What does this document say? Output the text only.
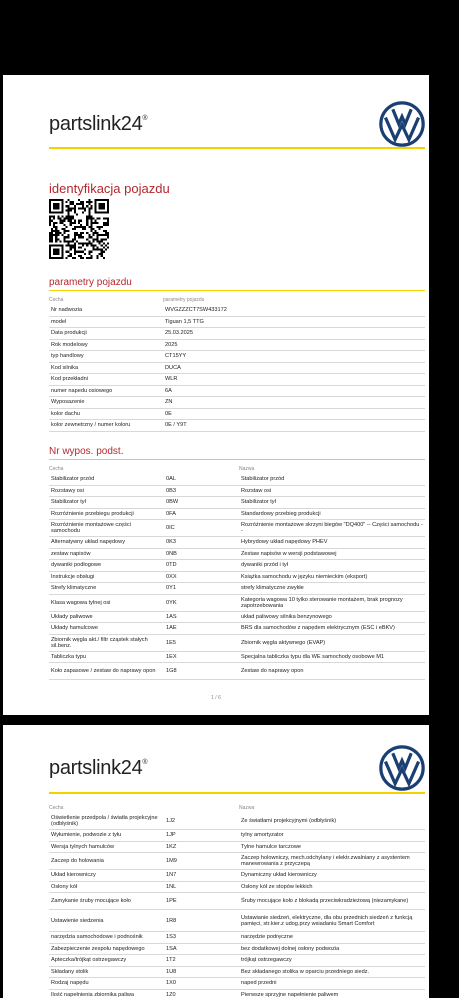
partslink24®
identyfikacja pojazdu
parametry pojazdu
Cecha	parametry pojazdu
Nr nadwozia	WVGZZZCT7SW433172
model	Tiguan 1,5 TTG
Data produkcji	25.03.2025
Rok modelowy	2025
typ handlowy	CT15YY
Kod silnika	DUCA
Kod przekładni	WLR
numer napedu osiowego	6A
Wyposazenie	ZN
kolor dachu	0E
kolor zewnetrzny / numer koloru	0E / Y9T
Nr wypos. podst.
Cecha	Nazwa
Stabilizator przód	0AL	Stabilizator przód
Rozstawy osi	0B3	Rozstaw osi
Stabilizator tył	0BW	Stabilizator tył
Rozróżnienie przebiegu produkcji	0FA	Standardowy przebieg produkcji
Rozróżnienie montażowe części samochodu	0IC	Rozróżnienie montażowe skrzyni biegów "DQ400" -- Części samochodu --
Alternatywny układ napędowy	0K3	Hybrydowy układ napędowy PHEV
zestaw napisów	0NB	Zestaw napisów w wersji podstawowej
dywaniki podłogowe	0TD	dywaniki przód i tył
Instrukcje obsługi	0XX	Książka samochodu w języku niemieckim (eksport)
Strefy klimatyczne	0Y1	strefy klimatyczne zwykłe
Klasa wagowa tylnej osi	0YK	Kategoria wagowa 10 tylko sterowanie montażem, brak prognozy zapotrzebowania
Układy paliwowe	1AS	układ paliwowy silnika benzynowego
Układy hamulcowe	1AE	BRS dla samochodów z napędem elektrycznym (ESC i eBKV)
Zbiornik węgla akt./ filtr cząstek stałych sil.benz.	1E5	Zbiornik węgla aktywnego (EVAP)
Tabliczka typu	1EX	Specjalna tabliczka typu dla WE samochody osobowe M1
Koło zapasowe / zestaw do naprawy opon	1G8	Zestaw do naprawy opon
1 / 6
partslink24®
Cecha	Nazwa
Oświetlenie przedpola / światła projekcyjne (odbłyśnik)	1J2	Ze światłami projekcyjnymi (odbłyśnik)
Wyłumienie, podwozie z tyłu	1JP	tylny amortyzator
Wersja tylnych hamulców	1KZ	Tylne hamulce tarczowe
Zaczep do holowania	1M9	Zaczep holowniczy, mech.odchylany i elektr.zwalniany z asystentem manewrowania z przyczepą
Układ kierowniczy	1N7	Dynamiczny układ kierowniczy
Osłony kół	1NL	Osłony kół ze stopów lekkich
Zamykanie śruby mocujące koło	1PE	Śruby mocujące koło z blokadą przeciwkradzieżową (niezamykane)
Ustawienie siedzenia	1R8	Ustawianie siedzeń, elektryczne, dla obu przednich siedzeń z funkcją pamięci, str.kier.z udog.przy wsiadaniu Smart Comfort
narzędzia samochodowe i podnośnik	1S3	narzędzie podręczne
Zabezpieczenie zespołu napędowego	1SA	bez dodatkowej dolnej osłony podwozia
Apteczka/trójkąt ostrzegawczy	1T2	trójkąt ostrzegawczy
Składany stolik	1U8	Bez składanego stolika w oparciu przedniego siedz.
Rodzaj napędu	1X0	naped przedni
Ilość napełnienia zbiornika paliwa	1Z0	Pierwsze sprzyjne napełnienie paliwem
